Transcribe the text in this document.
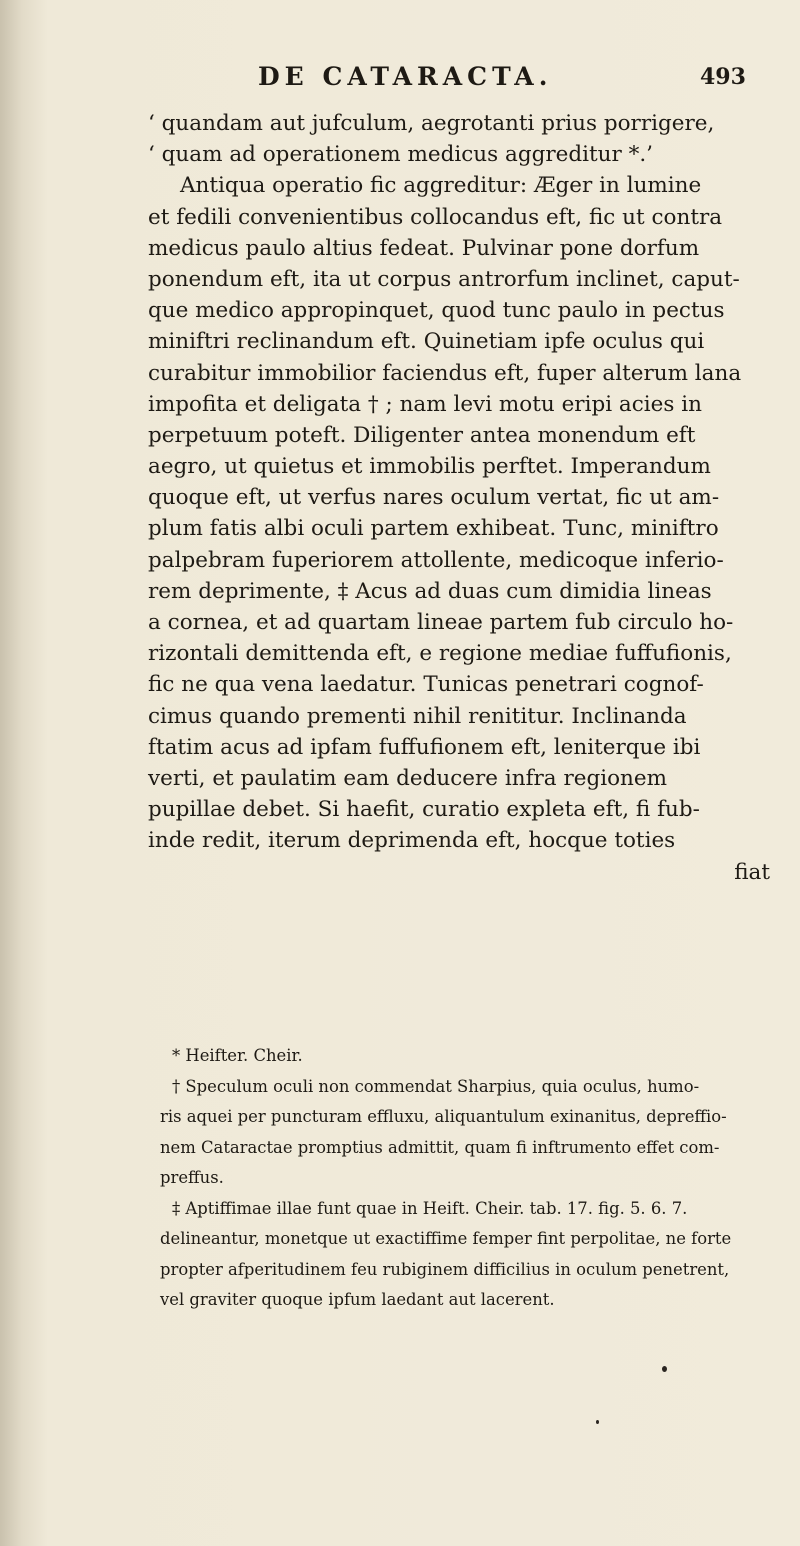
DE CATARACTA.	493
‘ quandam aut jufculum, aegrotanti prius porrigere,
‘ quam ad operationem medicus aggreditur *.’
Antiqua operatio fic aggreditur: Æger in lumine
et fedili convenientibus collocandus eft, fic ut contra
medicus paulo altius fedeat. Pulvinar pone dorfum
ponendum eft, ita ut corpus antrorfum inclinet, caput-
que medico appropinquet, quod tunc paulo in pectus
miniftri reclinandum eft. Quinetiam ipfe oculus qui
curabitur immobilior faciendus eft, fuper alterum lana
impofita et deligata † ; nam levi motu eripi acies in
perpetuum poteft. Diligenter antea monendum eft
aegro, ut quietus et immobilis perftet. Imperandum
quoque eft, ut verfus nares oculum vertat, fic ut am-
plum fatis albi oculi partem exhibeat. Tunc, miniftro
palpebram fuperiorem attollente, medicoque inferio-
rem deprimente, ‡ Acus ad duas cum dimidia lineas
a cornea, et ad quartam lineae partem fub circulo ho-
rizontali demittenda eft, e regione mediae fuffufionis,
fic ne qua vena laedatur. Tunicas penetrari cognof-
cimus quando prementi nihil renititur. Inclinanda
ftatim acus ad ipfam fuffufionem eft, leniterque ibi
verti, et paulatim eam deducere infra regionem
pupillae debet. Si haefit, curatio expleta eft, fi fub-
inde redit, iterum deprimenda eft, hocque toties
fiat
* Heifter. Cheir.
† Speculum oculi non commendat Sharpius, quia oculus, humo-
ris aquei per puncturam effluxu, aliquantulum exinanitus, depreffio-
nem Cataractae promptius admittit, quam fi inftrumento effet com-
preffus.
‡ Aptiffimae illae funt quae in Heift. Cheir. tab. 17. fig. 5. 6. 7.
delineantur, monetque ut exactiffime femper fint perpolitae, ne forte
propter afperitudinem feu rubiginem difficilius in oculum penetrent,
vel graviter quoque ipfum laedant aut lacerent.
